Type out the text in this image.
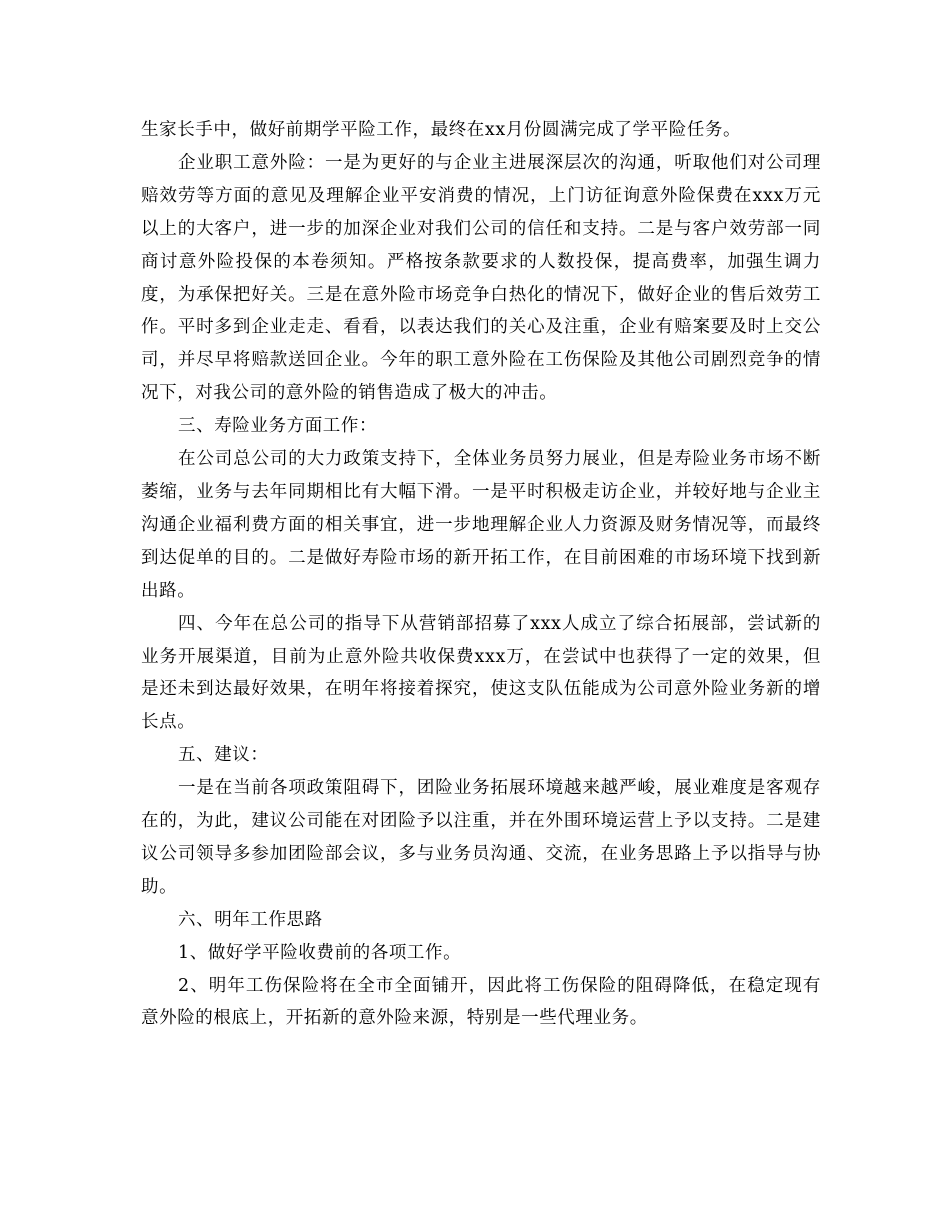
生家长手中，做好前期学平险工作，最终在xx月份圆满完成了学平险任务。

企业职工意外险：一是为更好的与企业主进展深层次的沟通，听取他们对公司理赔效劳等方面的意见及理解企业平安消费的情况，上门访征询意外险保费在xxx万元以上的大客户，进一步的加深企业对我们公司的信任和支持。二是与客户效劳部一同商讨意外险投保的本卷须知。严格按条款要求的人数投保，提高费率，加强生调力度，为承保把好关。三是在意外险市场竞争白热化的情况下，做好企业的售后效劳工作。平时多到企业走走、看看，以表达我们的关心及注重，企业有赔案要及时上交公司，并尽早将赔款送回企业。今年的职工意外险在工伤保险及其他公司剧烈竞争的情况下，对我公司的意外险的销售造成了极大的冲击。

三、寿险业务方面工作：

在公司总公司的大力政策支持下，全体业务员努力展业，但是寿险业务市场不断萎缩，业务与去年同期相比有大幅下滑。一是平时积极走访企业，并较好地与企业主沟通企业福利费方面的相关事宜，进一步地理解企业人力资源及财务情况等，而最终到达促单的目的。二是做好寿险市场的新开拓工作，在目前困难的市场环境下找到新出路。

四、今年在总公司的指导下从营销部招募了xxx人成立了综合拓展部，尝试新的业务开展渠道，目前为止意外险共收保费xxx万，在尝试中也获得了一定的效果，但是还未到达最好效果，在明年将接着探究，使这支队伍能成为公司意外险业务新的增长点。

五、建议：

一是在当前各项政策阻碍下，团险业务拓展环境越来越严峻，展业难度是客观存在的，为此，建议公司能在对团险予以注重，并在外围环境运营上予以支持。二是建议公司领导多参加团险部会议，多与业务员沟通、交流，在业务思路上予以指导与协助。

六、明年工作思路

1、做好学平险收费前的各项工作。

2、明年工伤保险将在全市全面铺开，因此将工伤保险的阻碍降低，在稳定现有意外险的根底上，开拓新的意外险来源，特别是一些代理业务。
